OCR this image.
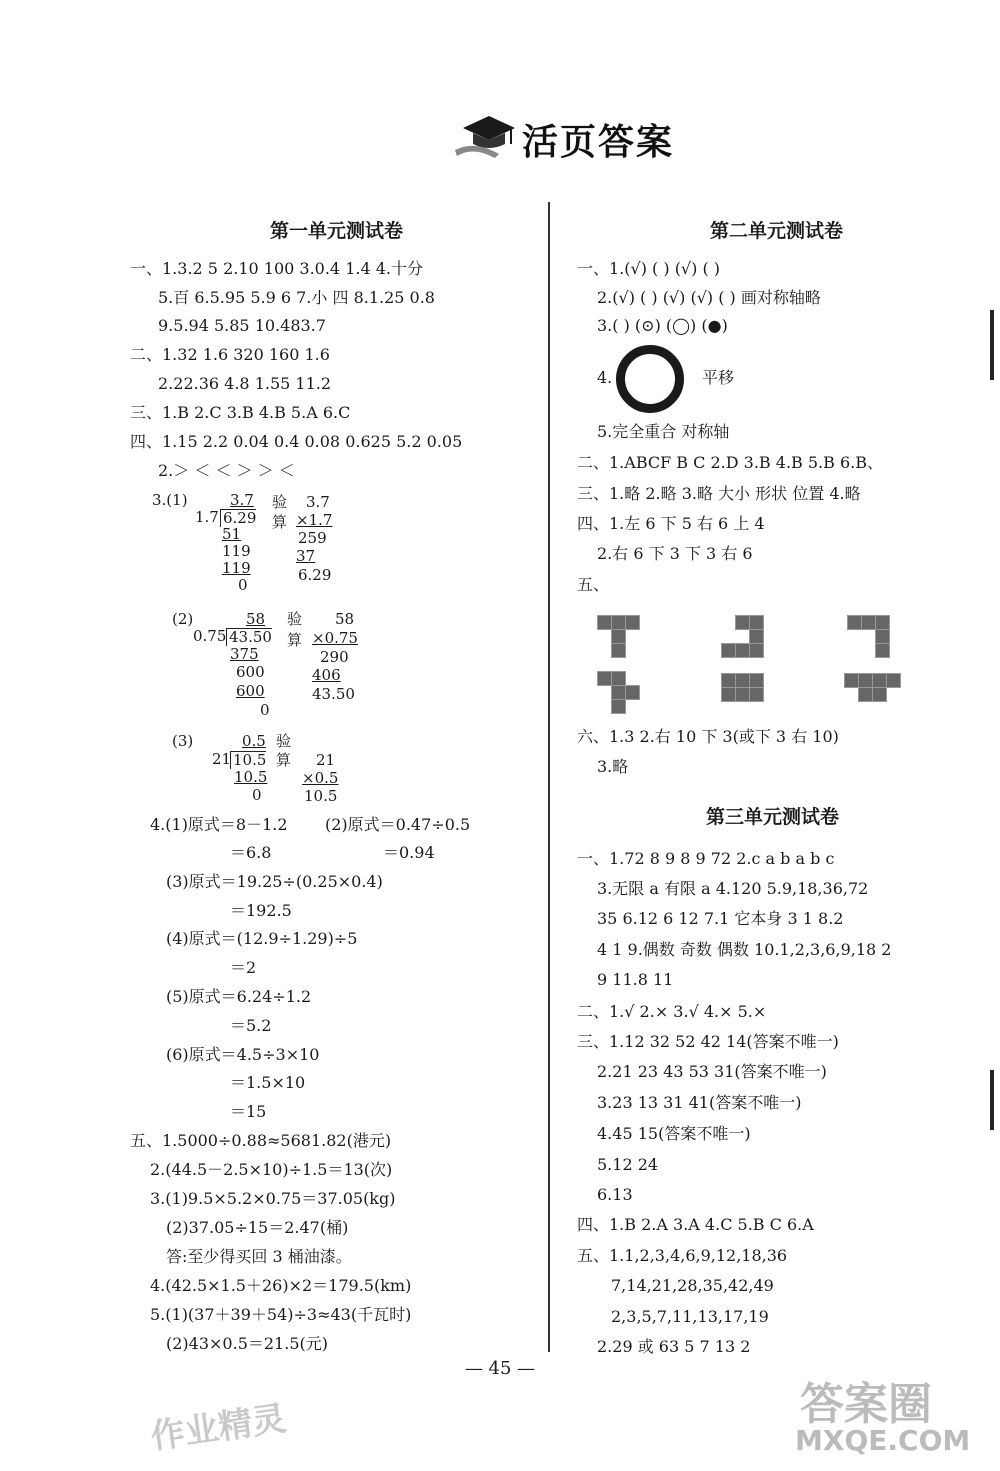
活页答案
第一单元测试卷
一、1.3.2 5 2.10 100 3.0.4 1.4 4.十分
5.百 6.5.95 5.9 6 7.小 四 8.1.25 0.8
9.5.94 5.85 10.483.7
二、1.32 1.6 320 160 1.6
2.22.36 4.8 1.55 11.2
三、1.B 2.C 3.B 4.B 5.A 6.C
四、1.15 2.2 0.04 0.4 0.08 0.625 5.2 0.05
2.＞ ＜ ＜ ＞ ＞ ＜
3.(1)	3.7
1.7 6.29
51
119
119
0
验
算
3.7
×1.7
259
37
6.29
(2)	58
0.75 43.50
375
600
600
0
验
算
58
×0.75
290
406
43.50
(3)	0.5
21 10.5
10.5
0
验
算 21
×0.5
10.5
4.(1)原式＝8－1.2 (2)原式＝0.47÷0.5
＝6.8	＝0.94
(3)原式＝19.25÷(0.25×0.4)
＝192.5
(4)原式＝(12.9÷1.29)÷5
＝2
(5)原式＝6.24÷1.2
＝5.2
(6)原式＝4.5÷3×10
＝1.5×10
＝15
五、1.5000÷0.88≈5681.82(港元)
2.(44.5－2.5×10)÷1.5＝13(次)
3.(1)9.5×5.2×0.75＝37.05(kg)
(2)37.05÷15＝2.47(桶)
答:至少得买回 3 桶油漆。
4.(42.5×1.5＋26)×2＝179.5(km)
5.(1)(37＋39＋54)÷3≈43(千瓦时)
(2)43×0.5＝21.5(元)
第二单元测试卷
一、1.(√) ( ) (√) ( )
2.(√) ( ) (√) (√) ( ) 画对称轴略
3.( ) (⊙) (◯) (●)
4.	平移
5.完全重合 对称轴
二、1.ABCF B C 2.D 3.B 4.B 5.B 6.B、
三、1.略 2.略 3.略 大小 形状 位置 4.略
四、1.左 6 下 5 右 6 上 4
2.右 6 下 3 下 3 右 6
五、
六、1.3 2.右 10 下 3(或下 3 右 10)
3.略
第三单元测试卷
一、1.72 8 9 8 9 72 2.c a b a b c
3.无限 a 有限 a 4.120 5.9,18,36,72
35 6.12 6 12 7.1 它本身 3 1 8.2
4 1 9.偶数 奇数 偶数 10.1,2,3,6,9,18 2
9 11.8 11
二、1.√ 2.× 3.√ 4.× 5.×
三、1.12 32 52 42 14(答案不唯一)
2.21 23 43 53 31(答案不唯一)
3.23 13 31 41(答案不唯一)
4.45 15(答案不唯一)
5.12 24
6.13
四、1.B 2.A 3.A 4.C 5.B C 6.A
五、1.1,2,3,4,6,9,12,18,36
7,14,21,28,35,42,49
2,3,5,7,11,13,17,19
2.29 或 63 5 7 13 2
— 45 —
作业精灵	答案圈
MXQE.COM
